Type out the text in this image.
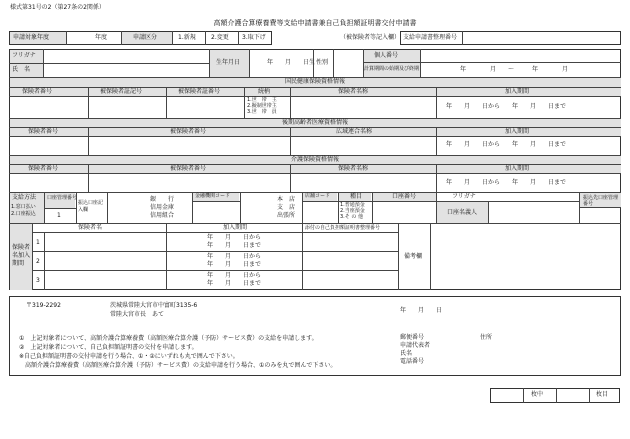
様式第31号の2（第27条の2関係）
高額介護合算療養費等支給申請書兼自己負担額証明書交付申請書
申請対象年度	年度	申請区分	1.新規	2.変更 3.取下げ	（被保険者等記入欄） 支給申請書整理番号
フリガナ
氏　名
生年月日	年　　月　　日生 性別
個人番号
計算期間の始期及び終期	年　　　　月　　〜　　　年　　　　月
国民健康保険資格情報
保険者番号	被保険者証記号	被保険者証番号	続柄	保険者名称	加入期間
1.世　帯　主
2.擬制世帯主
3.世　帯　員
年　　月　　日から　　年　　月　　日まで
後期高齢者医療資格情報
保険者番号	被保険者番号	広域連合名称	加入期間
年　　月　　日から　　年　　月　　日まで
介護保険資格情報
保険者番号	被保険者番号	保険者名称	加入期間
年　　月　　日から　　年　　月　　日まで
支給方法
1.窓口払い
2.口座振込
口座管理番号
1
振込口座記入欄
銀　　行
信用金庫
信用組合
金融機関コード	本　店
支　店
出張所
店舗コード	種目
1.普通預金
2.当座預金
3.そ の 他
口座番号	フリガナ
口座名義人
振込先口座管理番号
保険者名加入期間
保険者名	加入期間	添付の自己負担額証明書整理番号
備考欄
1
年　　月　　日から
年　　月　　日まで
2
年　　月　　日から
年　　月　　日まで
3
年　　月　　日から
年　　月　　日まで
〒319-2292	茨城県常陸大宮市中富町3135-6
常陸大宮市長　あて
年　　月　　日
①　上記対象者について、高額介護合算療養費（高額医療合算介護（予防）サービス費）の支給を申請します。
②　上記対象者について、自己負担額証明書の交付を申請します。
※自己負担額証明書の交付申請を行う場合、①・②にいずれも丸で囲んで下さい。
　高額介護合算療養費（高額医療合算介護（予防）サービス費）の支給申請を行う場合、①のみを丸で囲んで下さい。
郵便番号	住所
申請代表者
氏名
電話番号
枚中	枚目
